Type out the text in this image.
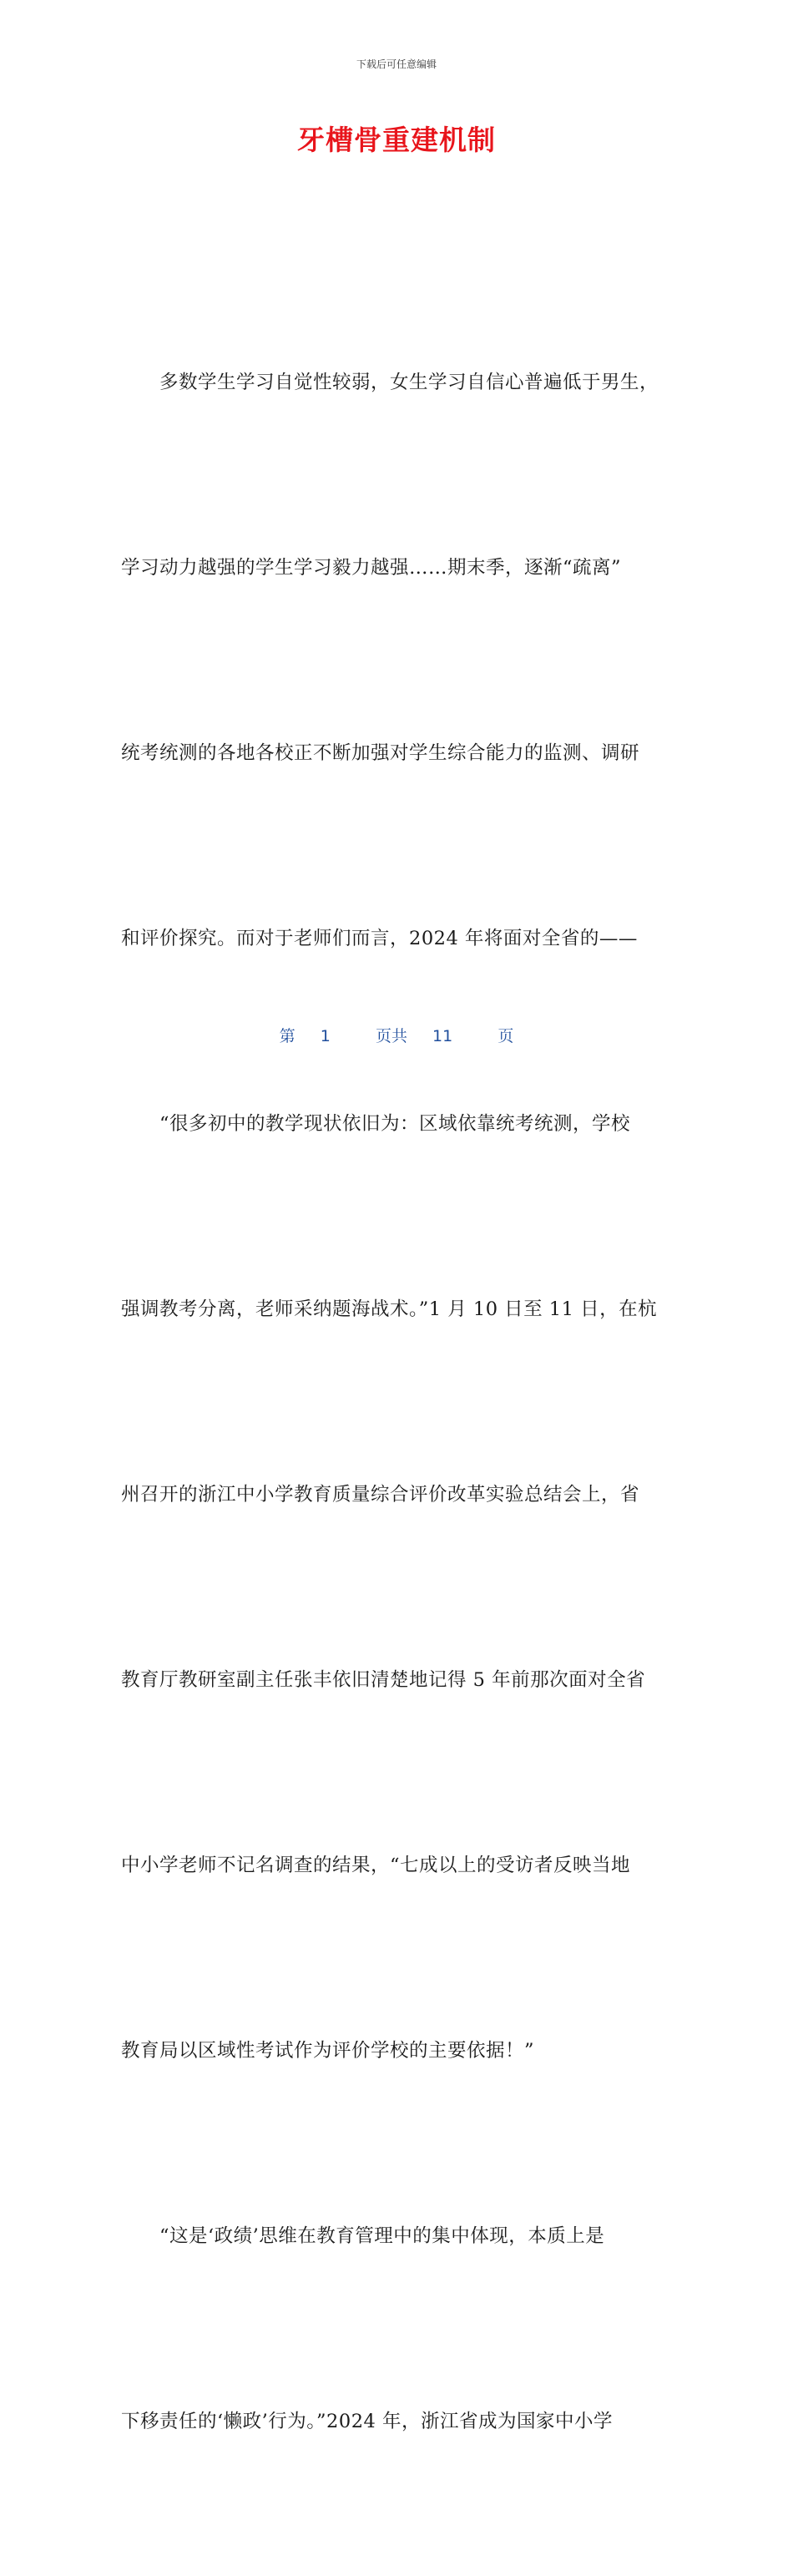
下载后可任意编辑
牙槽骨重建机制

　　多数学生学习自觉性较弱，女生学习自信心普遍低于男生，

学习动力越强的学生学习毅力越强……期末季，逐渐“疏离”

统考统测的各地各校正不断加强对学生综合能力的监测、调研

和评价探究。而对于老师们而言，2024 年将面对全省的——

　　“很多初中的教学现状依旧为：区域依靠统考统测，学校

强调教考分离，老师采纳题海战术。”1 月 10 日至 11 日，在杭

州召开的浙江中小学教育质量综合评价改革实验总结会上，省

教育厅教研室副主任张丰依旧清楚地记得 5 年前那次面对全省

中小学老师不记名调查的结果，“七成以上的受访者反映当地

教育局以区域性考试作为评价学校的主要依据！”

　　“这是‘政绩’思维在教育管理中的集中体现，本质上是

下移责任的‘懒政’行为。”2024 年，浙江省成为国家中小学

第 1	页共 11	页
